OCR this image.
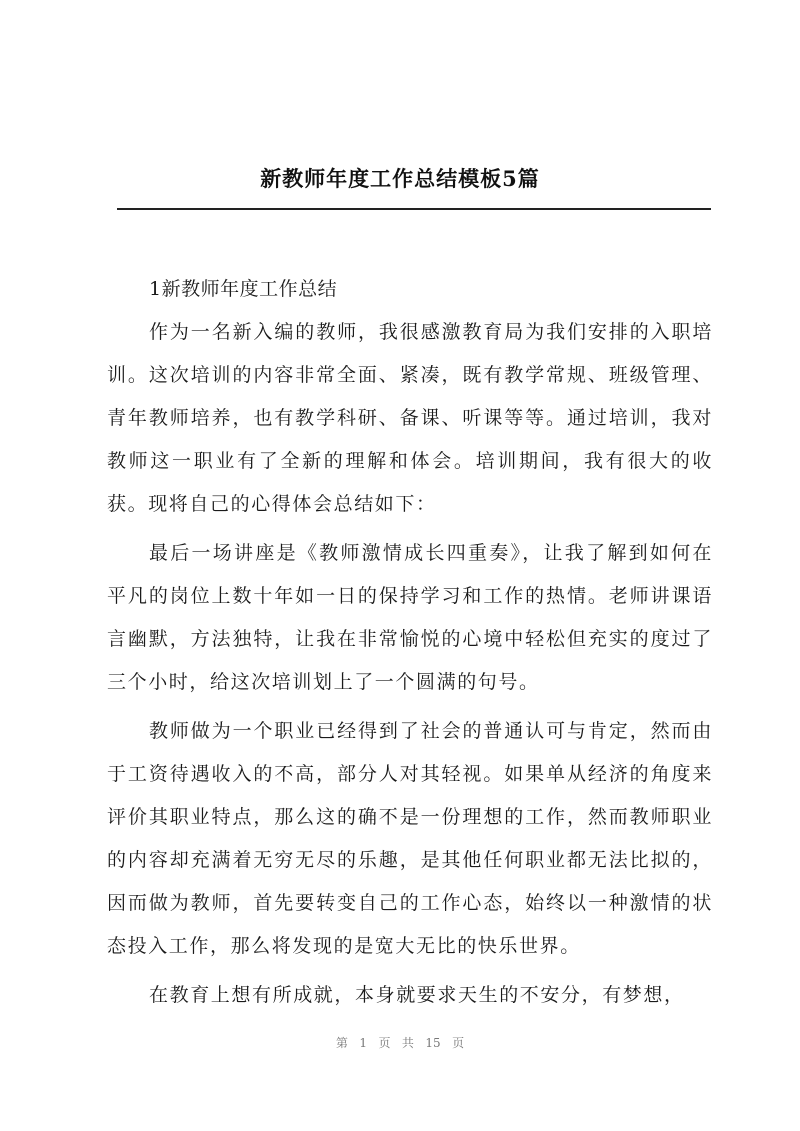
新教师年度工作总结模板5篇
1新教师年度工作总结

作为一名新入编的教师，我很感激教育局为我们安排的入职培训。这次培训的内容非常全面、紧凑，既有教学常规、班级管理、青年教师培养，也有教学科研、备课、听课等等。通过培训，我对教师这一职业有了全新的理解和体会。培训期间，我有很大的收获。现将自己的心得体会总结如下：

最后一场讲座是《教师激情成长四重奏》，让我了解到如何在平凡的岗位上数十年如一日的保持学习和工作的热情。老师讲课语言幽默，方法独特，让我在非常愉悦的心境中轻松但充实的度过了三个小时，给这次培训划上了一个圆满的句号。

教师做为一个职业已经得到了社会的普通认可与肯定，然而由于工资待遇收入的不高，部分人对其轻视。如果单从经济的角度来评价其职业特点，那么这的确不是一份理想的工作，然而教师职业的内容却充满着无穷无尽的乐趣，是其他任何职业都无法比拟的，因而做为教师，首先要转变自己的工作心态，始终以一种激情的状态投入工作，那么将发现的是宽大无比的快乐世界。

在教育上想有所成就，本身就要求天生的不安分，有梦想，

第 1 页   共 15 页
